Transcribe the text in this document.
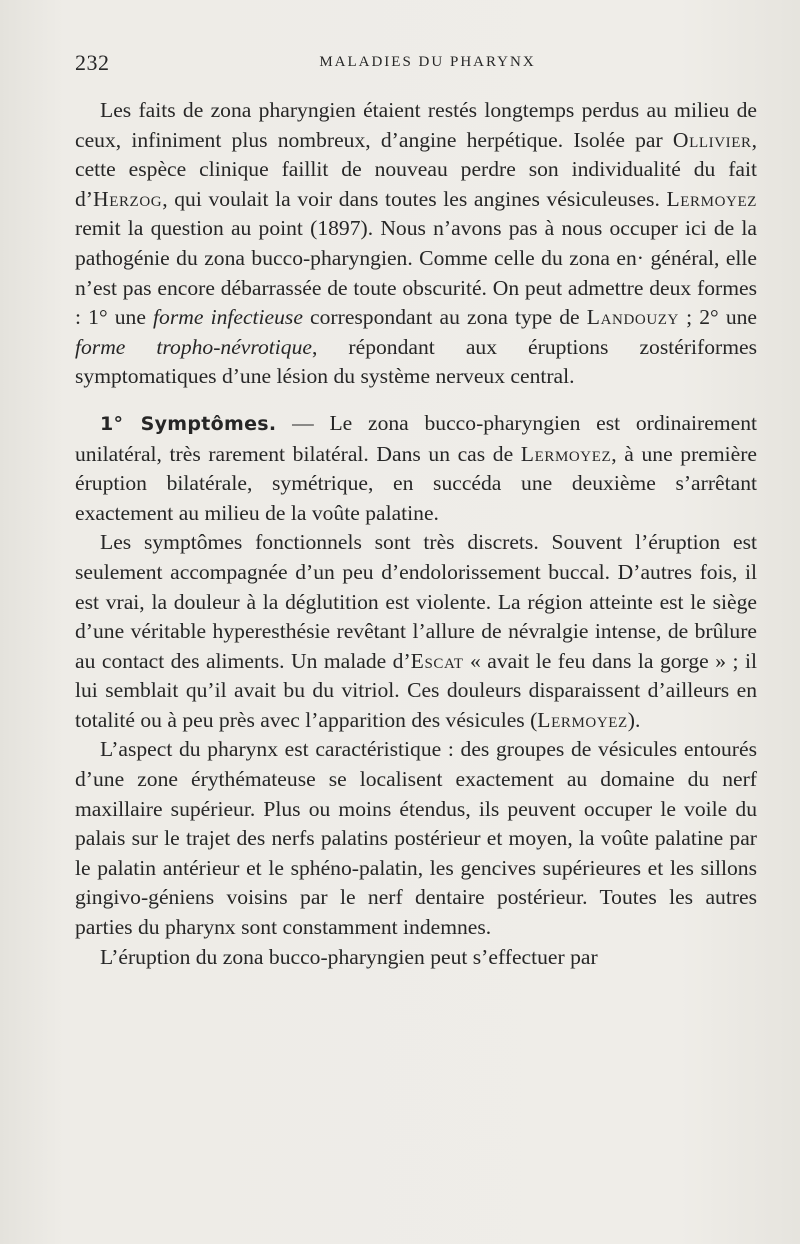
232	MALADIES DU PHARYNX

Les faits de zona pharyngien étaient restés longtemps perdus au milieu de ceux, infiniment plus nombreux, d’angine herpétique. Isolée par Ollivier, cette espèce clinique faillit de nouveau perdre son individualité du fait d’Herzog, qui voulait la voir dans toutes les angines vésiculeuses. Lermoyez remit la question au point (1897). Nous n’avons pas à nous occuper ici de la pathogénie du zona bucco-pharyngien. Comme celle du zona en· général, elle n’est pas encore débarrassée de toute obscurité. On peut admettre deux formes : 1° une forme infectieuse correspondant au zona type de Landouzy ; 2° une forme tropho-névrotique, répondant aux éruptions zostériformes symptomatiques d’une lésion du système nerveux central.

1° Symptômes. — Le zona bucco-pharyngien est ordinairement unilatéral, très rarement bilatéral. Dans un cas de Lermoyez, à une première éruption bilatérale, symétrique, en succéda une deuxième s’arrêtant exactement au milieu de la voûte palatine.

Les symptômes fonctionnels sont très discrets. Souvent l’éruption est seulement accompagnée d’un peu d’endolorissement buccal. D’autres fois, il est vrai, la douleur à la déglutition est violente. La région atteinte est le siège d’une véritable hyperesthésie revêtant l’allure de névralgie intense, de brûlure au contact des aliments. Un malade d’Escat « avait le feu dans la gorge » ; il lui semblait qu’il avait bu du vitriol. Ces douleurs disparaissent d’ailleurs en totalité ou à peu près avec l’apparition des vésicules (Lermoyez).

L’aspect du pharynx est caractéristique : des groupes de vésicules entourés d’une zone érythémateuse se localisent exactement au domaine du nerf maxillaire supérieur. Plus ou moins étendus, ils peuvent occuper le voile du palais sur le trajet des nerfs palatins postérieur et moyen, la voûte palatine par le palatin antérieur et le sphéno-palatin, les gencives supérieures et les sillons gingivo-géniens voisins par le nerf dentaire postérieur. Toutes les autres parties du pharynx sont constamment indemnes.

L’éruption du zona bucco-pharyngien peut s’effectuer par
